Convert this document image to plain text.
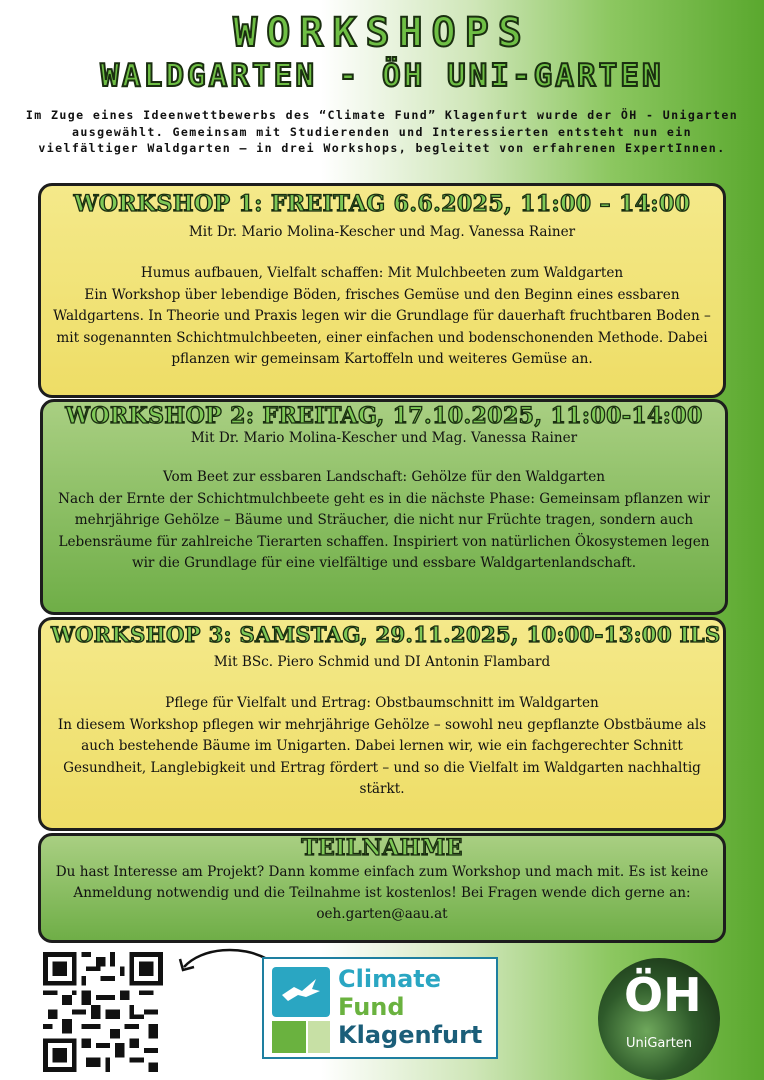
WORKSHOPS
WALDGARTEN - ÖH UNI-GARTEN
Im Zuge eines Ideenwettbewerbs des “Climate Fund” Klagenfurt wurde der ÖH - Unigarten ausgewählt. Gemeinsam mit Studierenden und Interessierten entsteht nun ein vielfältiger Waldgarten – in drei Workshops, begleitet von erfahrenen ExpertInnen.
WORKSHOP 1: FREITAG 6.6.2025, 11:00 – 14:00
Mit Dr. Mario Molina-Kescher und Mag. Vanessa Rainer

Humus aufbauen, Vielfalt schaffen: Mit Mulchbeeten zum Waldgarten

Ein Workshop über lebendige Böden, frisches Gemüse und den Beginn eines essbaren Waldgartens. In Theorie und Praxis legen wir die Grundlage für dauerhaft fruchtbaren Boden – mit sogenannten Schichtmulchbeeten, einer einfachen und bodenschonenden Methode. Dabei pflanzen wir gemeinsam Kartoffeln und weiteres Gemüse an.

WORKSHOP 2: FREITAG, 17.10.2025, 11:00-14:00
Mit Dr. Mario Molina-Kescher und Mag. Vanessa Rainer

Vom Beet zur essbaren Landschaft: Gehölze für den Waldgarten

Nach der Ernte der Schichtmulchbeete geht es in die nächste Phase: Gemeinsam pflanzen wir mehrjährige Gehölze – Bäume und Sträucher, die nicht nur Früchte tragen, sondern auch Lebensräume für zahlreiche Tierarten schaffen. Inspiriert von natürlichen Ökosystemen legen wir die Grundlage für eine vielfältige und essbare Waldgartenlandschaft.

WORKSHOP 3: SAMSTAG, 29.11.2025, 10:00-13:00 ILS
Mit BSc. Piero Schmid und DI Antonin Flambard

Pflege für Vielfalt und Ertrag: Obstbaumschnitt im Waldgarten

In diesem Workshop pflegen wir mehrjährige Gehölze – sowohl neu gepflanzte Obstbäume als auch bestehende Bäume im Unigarten. Dabei lernen wir, wie ein fachgerechter Schnitt Gesundheit, Langlebigkeit und Ertrag fördert – und so die Vielfalt im Waldgarten nachhaltig stärkt.

TEILNAHME
Du hast Interesse am Projekt? Dann komme einfach zum Workshop und mach mit. Es ist keine Anmeldung notwendig und die Teilnahme ist kostenlos! Bei Fragen wende dich gerne an: oeh.garten@aau.at
Climate
Fund
Klagenfurt
ÖH
UniGarten
